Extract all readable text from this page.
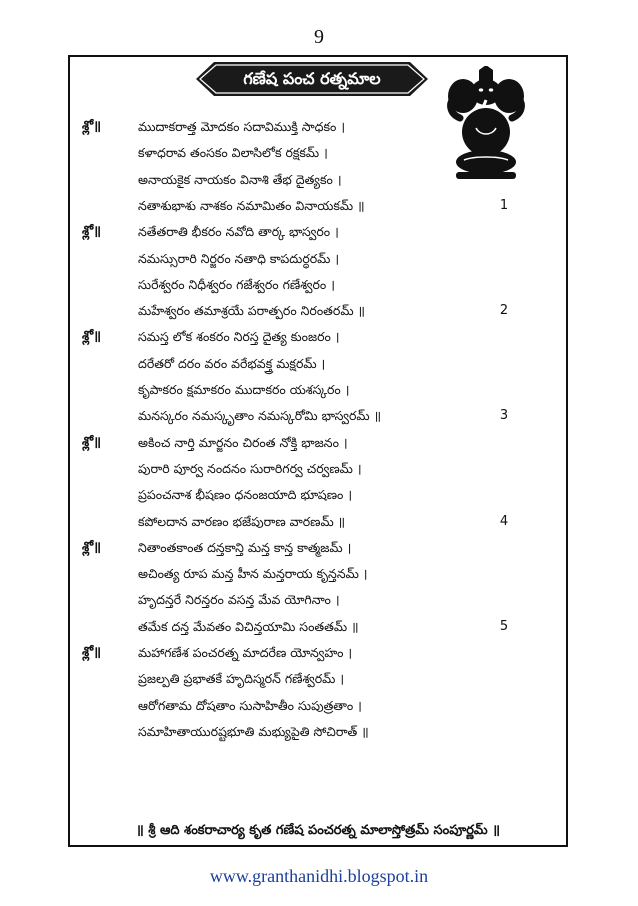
9
గణేష పంచ రత్నమాల
శ్లో॥	ముదాకరాత్త మోదకం సదావిముక్తి సాధకం ।
కళాధరావ తంసకం విలాసిలోక రక్షకమ్ ।
అనాయకైక నాయకం వినాశి తేభ దైత్యకం ।
నతాశుభాశు నాశకం నమామితం వినాయకమ్ ॥	1
శ్లో॥	నతేతరాతి భీకరం నవోది తార్క భాస్వరం ।
నమస్సురారి నిర్జరం నతాధి కాపదుర్ధరమ్ ।
సురేశ్వరం నిధీశ్వరం గజేశ్వరం గణేశ్వరం ।
మహేశ్వరం తమాశ్రయే పరాత్పరం నిరంతరమ్ ॥	2
శ్లో॥	సమస్త లోక శంకరం నిరస్త దైత్య కుంజరం ।
దరేతరో దరం వరం వరేభవక్త్ర మక్షరమ్ ।
కృపాకరం క్షమాకరం ముదాకరం యశస్కరం ।
మనస్కరం నమస్కృతాం నమస్కరోమి భాస్వరమ్ ॥	3
శ్లో॥	అకించ నార్తి మార్జనం చిరంత నోక్తి భాజనం ।
పురారి పూర్వ నందనం సురారిగర్వ చర్వణమ్ ।
ప్రపంచనాశ భీషణం ధనంజయాది భూషణం ।
కపోలదాన వారణం భజేపురాణ వారణమ్ ॥	4
శ్లో॥	నితాంతకాంత దన్తకాన్తి మన్త కాన్త కాత్మజమ్ ।
అచింత్య రూప మన్త హీన మన్తరాయ కృన్తనమ్ ।
హృదన్తరే నిరన్తరం వసన్త మేవ యోగినాం ।
తమేక దన్త మేవతం విచిన్తయామి సంతతమ్ ॥	5
శ్లో॥	మహాగణేశ పంచరత్న మాదరేణ యోన్వహం ।
ప్రజల్పతి ప్రభాతకే హృదిస్మరన్ గణేశ్వరమ్ ।
ఆరోగతామ దోషతాం సుసాహితీం సుపుత్రతాం ।
సమాహితాయురష్టభూతి మభ్యుపైతి సోచిరాత్ ॥
॥ శ్రీ ఆది శంకరాచార్య కృత గణేష పంచరత్న మాలాస్తోత్రమ్ సంపూర్ణమ్ ॥
www.granthanidhi.blogspot.in
